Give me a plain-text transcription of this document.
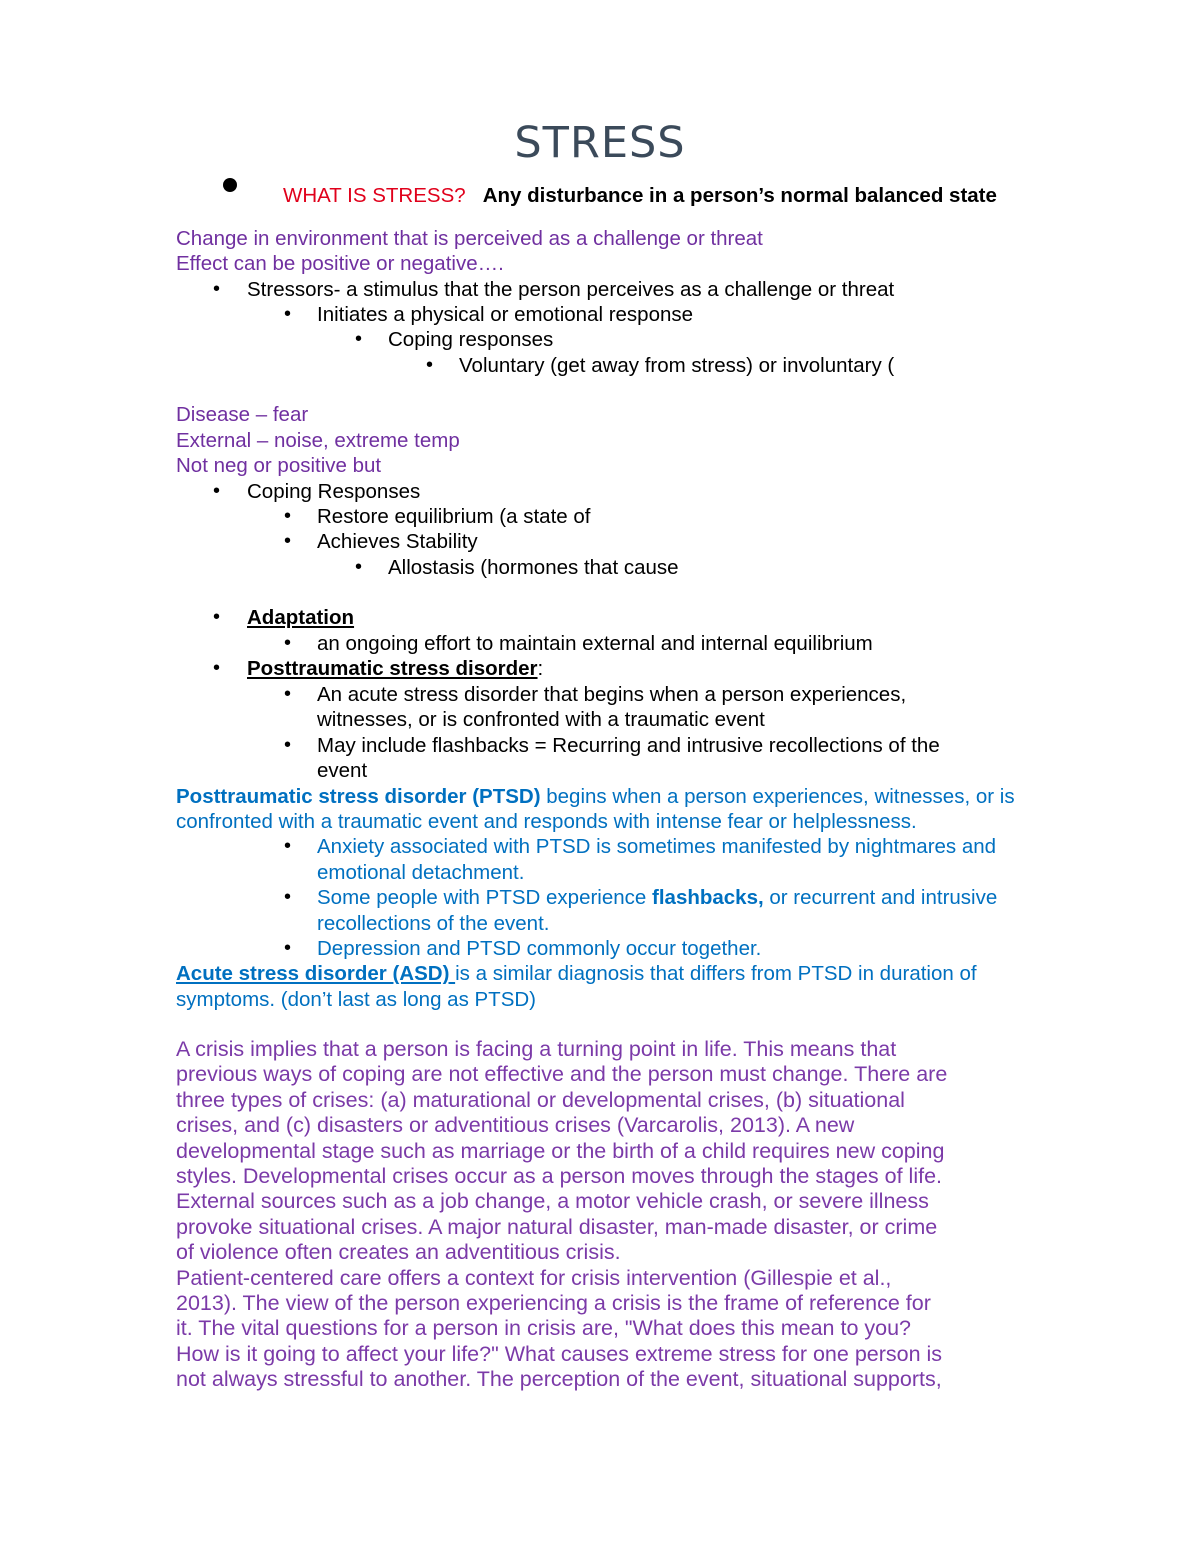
STRESS
WHAT IS STRESS? Any disturbance in a person’s normal balanced state
Change in environment that is perceived as a challenge or threat
Effect can be positive or negative….
• Stressors- a stimulus that the person perceives as a challenge or threat
• Initiates a physical or emotional response
• Coping responses
• Voluntary (get away from stress) or involuntary (
Disease – fear
External – noise, extreme temp
Not neg or positive but
• Coping Responses
• Restore equilibrium (a state of
• Achieves Stability
• Allostasis (hormones that cause
• Adaptation
• an ongoing effort to maintain external and internal equilibrium
• Posttraumatic stress disorder:
• An acute stress disorder that begins when a person experiences,
witnesses, or is confronted with a traumatic event
• May include flashbacks = Recurring and intrusive recollections of the
event
Posttraumatic stress disorder (PTSD) begins when a person experiences, witnesses, or is
confronted with a traumatic event and responds with intense fear or helplessness.
• Anxiety associated with PTSD is sometimes manifested by nightmares and
emotional detachment.
• Some people with PTSD experience flashbacks, or recurrent and intrusive
recollections of the event.
• Depression and PTSD commonly occur together.
Acute stress disorder (ASD) is a similar diagnosis that differs from PTSD in duration of
symptoms. (don’t last as long as PTSD)
A crisis implies that a person is facing a turning point in life. This means that
previous ways of coping are not effective and the person must change. There are
three types of crises: (a) maturational or developmental crises, (b) situational
crises, and (c) disasters or adventitious crises (Varcarolis, 2013). A new
developmental stage such as marriage or the birth of a child requires new coping
styles. Developmental crises occur as a person moves through the stages of life.
External sources such as a job change, a motor vehicle crash, or severe illness
provoke situational crises. A major natural disaster, man-made disaster, or crime
of violence often creates an adventitious crisis.
Patient-centered care offers a context for crisis intervention (Gillespie et al.,
2013). The view of the person experiencing a crisis is the frame of reference for
it. The vital questions for a person in crisis are, "What does this mean to you?
How is it going to affect your life?" What causes extreme stress for one person is
not always stressful to another. The perception of the event, situational supports,
